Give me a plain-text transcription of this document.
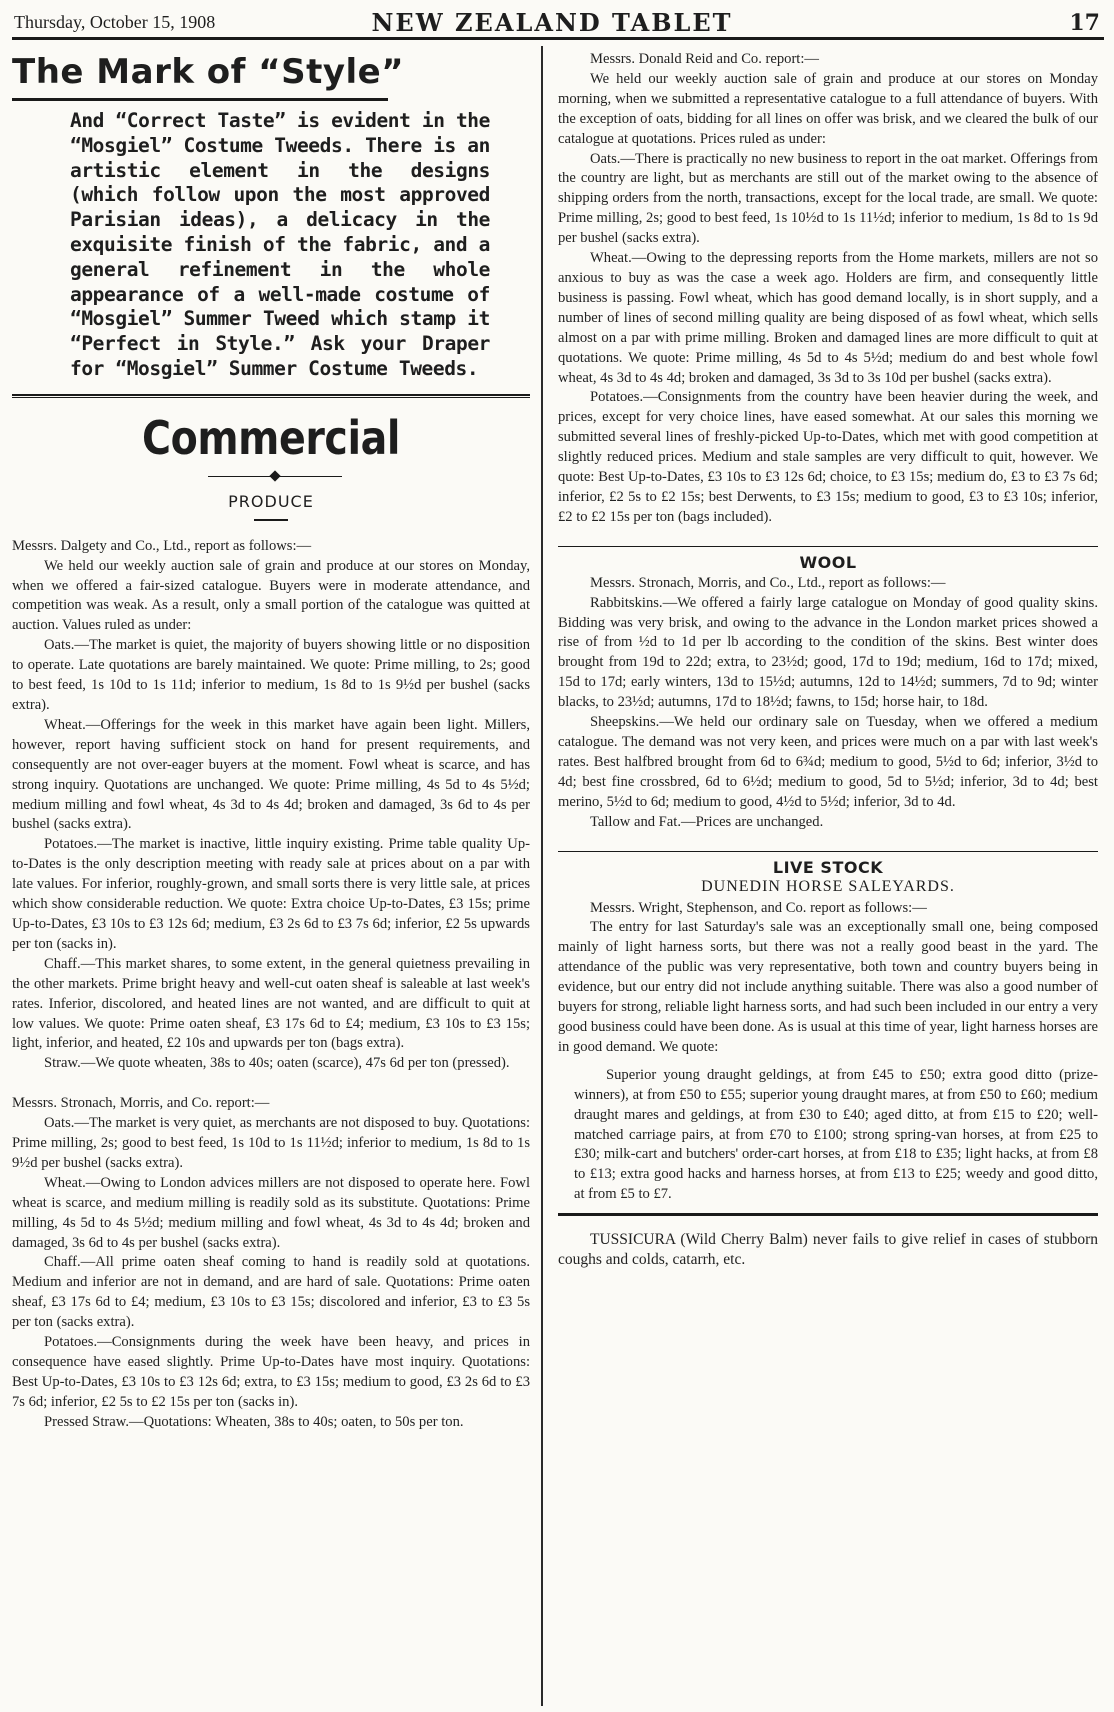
Thursday, October 15, 1908	NEW ZEALAND TABLET	17
The Mark of “Style”
And “Correct Taste” is evident in the “Mosgiel” Costume Tweeds. There is an artistic element in the designs (which follow upon the most approved Parisian ideas), a delicacy in the exquisite finish of the fabric, and a general refinement in the whole appearance of a well-made costume of “Mosgiel” Summer Tweed which stamp it “Perfect in Style.” Ask your Draper for “Mosgiel” Summer Costume Tweeds.
Commercial
PRODUCE

Messrs. Dalgety and Co., Ltd., report as follows:—

We held our weekly auction sale of grain and produce at our stores on Monday, when we offered a fair-sized catalogue. Buyers were in moderate attendance, and competition was weak. As a result, only a small portion of the catalogue was quitted at auction. Values ruled as under:

Oats.—The market is quiet, the majority of buyers showing little or no disposition to operate. Late quotations are barely maintained. We quote: Prime milling, to 2s; good to best feed, 1s 10d to 1s 11d; inferior to medium, 1s 8d to 1s 9½d per bushel (sacks extra).

Wheat.—Offerings for the week in this market have again been light. Millers, however, report having sufficient stock on hand for present requirements, and consequently are not over-eager buyers at the moment. Fowl wheat is scarce, and has strong inquiry. Quotations are unchanged. We quote: Prime milling, 4s 5d to 4s 5½d; medium milling and fowl wheat, 4s 3d to 4s 4d; broken and damaged, 3s 6d to 4s per bushel (sacks extra).

Potatoes.—The market is inactive, little inquiry existing. Prime table quality Up-to-Dates is the only description meeting with ready sale at prices about on a par with late values. For inferior, roughly-grown, and small sorts there is very little sale, at prices which show considerable reduction. We quote: Extra choice Up-to-Dates, £3 15s; prime Up-to-Dates, £3 10s to £3 12s 6d; medium, £3 2s 6d to £3 7s 6d; inferior, £2 5s upwards per ton (sacks in).

Chaff.—This market shares, to some extent, in the general quietness prevailing in the other markets. Prime bright heavy and well-cut oaten sheaf is saleable at last week's rates. Inferior, discolored, and heated lines are not wanted, and are difficult to quit at low values. We quote: Prime oaten sheaf, £3 17s 6d to £4; medium, £3 10s to £3 15s; light, inferior, and heated, £2 10s and upwards per ton (bags extra).

Straw.—We quote wheaten, 38s to 40s; oaten (scarce), 47s 6d per ton (pressed).

Messrs. Stronach, Morris, and Co. report:—

Oats.—The market is very quiet, as merchants are not disposed to buy. Quotations: Prime milling, 2s; good to best feed, 1s 10d to 1s 11½d; inferior to medium, 1s 8d to 1s 9½d per bushel (sacks extra).

Wheat.—Owing to London advices millers are not disposed to operate here. Fowl wheat is scarce, and medium milling is readily sold as its substitute. Quotations: Prime milling, 4s 5d to 4s 5½d; medium milling and fowl wheat, 4s 3d to 4s 4d; broken and damaged, 3s 6d to 4s per bushel (sacks extra).

Chaff.—All prime oaten sheaf coming to hand is readily sold at quotations. Medium and inferior are not in demand, and are hard of sale. Quotations: Prime oaten sheaf, £3 17s 6d to £4; medium, £3 10s to £3 15s; discolored and inferior, £3 to £3 5s per ton (sacks extra).

Potatoes.—Consignments during the week have been heavy, and prices in consequence have eased slightly. Prime Up-to-Dates have most inquiry. Quotations: Best Up-to-Dates, £3 10s to £3 12s 6d; extra, to £3 15s; medium to good, £3 2s 6d to £3 7s 6d; inferior, £2 5s to £2 15s per ton (sacks in).

Pressed Straw.—Quotations: Wheaten, 38s to 40s; oaten, to 50s per ton.

Messrs. Donald Reid and Co. report:—

We held our weekly auction sale of grain and produce at our stores on Monday morning, when we submitted a representative catalogue to a full attendance of buyers. With the exception of oats, bidding for all lines on offer was brisk, and we cleared the bulk of our catalogue at quotations. Prices ruled as under:

Oats.—There is practically no new business to report in the oat market. Offerings from the country are light, but as merchants are still out of the market owing to the absence of shipping orders from the north, transactions, except for the local trade, are small. We quote: Prime milling, 2s; good to best feed, 1s 10½d to 1s 11½d; inferior to medium, 1s 8d to 1s 9d per bushel (sacks extra).

Wheat.—Owing to the depressing reports from the Home markets, millers are not so anxious to buy as was the case a week ago. Holders are firm, and consequently little business is passing. Fowl wheat, which has good demand locally, is in short supply, and a number of lines of second milling quality are being disposed of as fowl wheat, which sells almost on a par with prime milling. Broken and damaged lines are more difficult to quit at quotations. We quote: Prime milling, 4s 5d to 4s 5½d; medium do and best whole fowl wheat, 4s 3d to 4s 4d; broken and damaged, 3s 3d to 3s 10d per bushel (sacks extra).

Potatoes.—Consignments from the country have been heavier during the week, and prices, except for very choice lines, have eased somewhat. At our sales this morning we submitted several lines of freshly-picked Up-to-Dates, which met with good competition at slightly reduced prices. Medium and stale samples are very difficult to quit, however. We quote: Best Up-to-Dates, £3 10s to £3 12s 6d; choice, to £3 15s; medium do, £3 to £3 7s 6d; inferior, £2 5s to £2 15s; best Derwents, to £3 15s; medium to good, £3 to £3 10s; inferior, £2 to £2 15s per ton (bags included).

WOOL

Messrs. Stronach, Morris, and Co., Ltd., report as follows:—

Rabbitskins.—We offered a fairly large catalogue on Monday of good quality skins. Bidding was very brisk, and owing to the advance in the London market prices showed a rise of from ½d to 1d per lb according to the condition of the skins. Best winter does brought from 19d to 22d; extra, to 23½d; good, 17d to 19d; medium, 16d to 17d; mixed, 15d to 17d; early winters, 13d to 15½d; autumns, 12d to 14½d; summers, 7d to 9d; winter blacks, to 23½d; autumns, 17d to 18½d; fawns, to 15d; horse hair, to 18d.

Sheepskins.—We held our ordinary sale on Tuesday, when we offered a medium catalogue. The demand was not very keen, and prices were much on a par with last week's rates. Best halfbred brought from 6d to 6¾d; medium to good, 5½d to 6d; inferior, 3½d to 4d; best fine crossbred, 6d to 6½d; medium to good, 5d to 5½d; inferior, 3d to 4d; best merino, 5½d to 6d; medium to good, 4½d to 5½d; inferior, 3d to 4d.

Tallow and Fat.—Prices are unchanged.

LIVE STOCK
DUNEDIN HORSE SALEYARDS.

Messrs. Wright, Stephenson, and Co. report as follows:—

The entry for last Saturday's sale was an exceptionally small one, being composed mainly of light harness sorts, but there was not a really good beast in the yard. The attendance of the public was very representative, both town and country buyers being in evidence, but our entry did not include anything suitable. There was also a good number of buyers for strong, reliable light harness sorts, and had such been included in our entry a very good business could have been done. As is usual at this time of year, light harness horses are in good demand. We quote:

Superior young draught geldings, at from £45 to £50; extra good ditto (prize-winners), at from £50 to £55; superior young draught mares, at from £50 to £60; medium draught mares and geldings, at from £30 to £40; aged ditto, at from £15 to £20; well-matched carriage pairs, at from £70 to £100; strong spring-van horses, at from £25 to £30; milk-cart and butchers' order-cart horses, at from £18 to £35; light hacks, at from £8 to £13; extra good hacks and harness horses, at from £13 to £25; weedy and good ditto, at from £5 to £7.

TUSSICURA (Wild Cherry Balm) never fails to give relief in cases of stubborn coughs and colds, catarrh, etc.
